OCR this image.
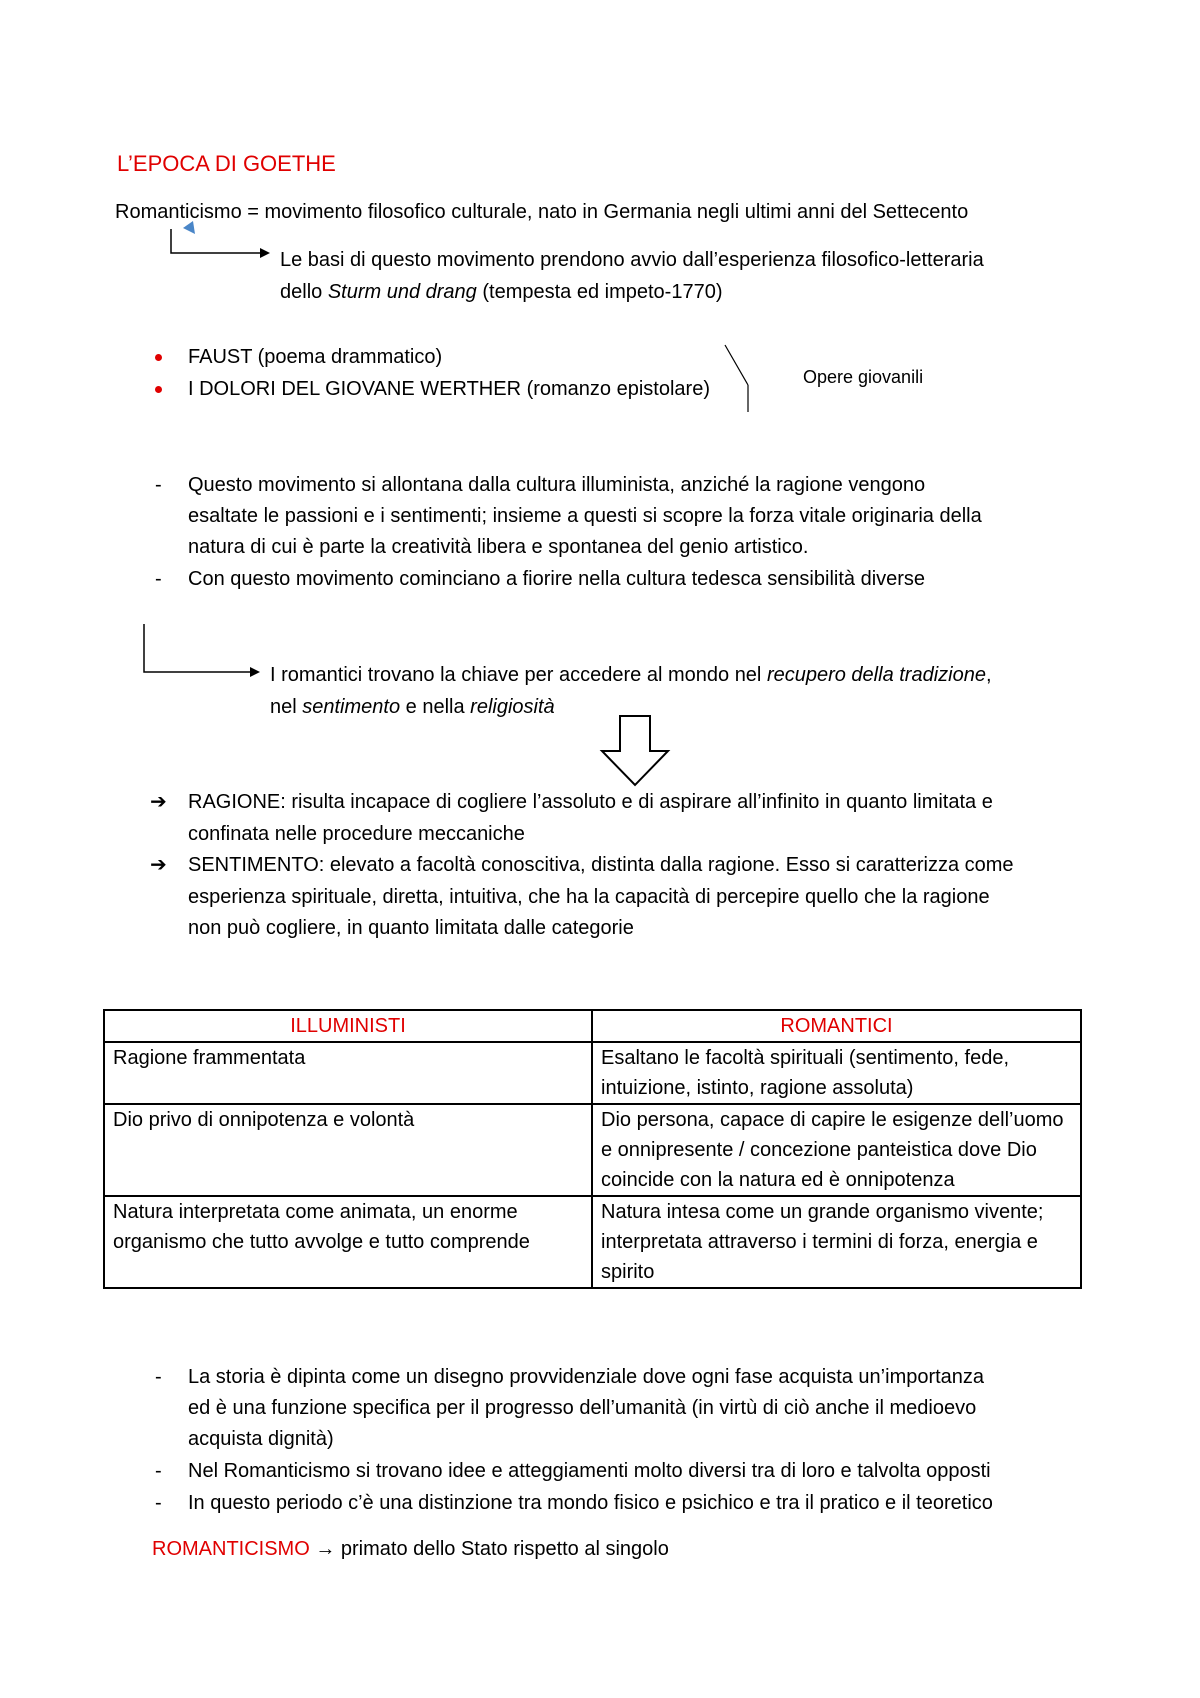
L’EPOCA DI GOETHE

Romanticismo = movimento filosofico culturale, nato in Germania negli ultimi anni del Settecento

Le basi di questo movimento prendono avvio dall’esperienza filosofico-letteraria

dello Sturm und drang (tempesta ed impeto-1770)

FAUST (poema drammatico)

I DOLORI DEL GIOVANE WERTHER (romanzo epistolare)

Opere giovanili

- Questo movimento si allontana dalla cultura illuminista, anziché la ragione vengono

esaltate le passioni e i sentimenti; insieme a questi si scopre la forza vitale originaria della

natura di cui è parte la creatività libera e spontanea del genio artistico.

- Con questo movimento cominciano a fiorire nella cultura tedesca sensibilità diverse

I romantici trovano la chiave per accedere al mondo nel recupero della tradizione,

nel sentimento e nella religiosità

➔ RAGIONE: risulta incapace di cogliere l’assoluto e di aspirare all’infinito in quanto limitata e

confinata nelle procedure meccaniche

➔ SENTIMENTO: elevato a facoltà conoscitiva, distinta dalla ragione. Esso si caratterizza come

esperienza spirituale, diretta, intuitiva, che ha la capacità di percepire quello che la ragione

non può cogliere, in quanto limitata dalle categorie

ILLUMINISTI	ROMANTICI
Ragione frammentata	Esaltano le facoltà spirituali (sentimento, fede, intuizione, istinto, ragione assoluta)
Dio privo di onnipotenza e volontà	Dio persona, capace di capire le esigenze dell’uomo e onnipresente / concezione panteistica dove Dio coincide con la natura ed è onnipotenza
Natura interpretata come animata, un enorme organismo che tutto avvolge e tutto comprende	Natura intesa come un grande organismo vivente; interpretata attraverso i termini di forza, energia e spirito
- La storia è dipinta come un disegno provvidenziale dove ogni fase acquista un’importanza

ed è una funzione specifica per il progresso dell’umanità (in virtù di ciò anche il medioevo

acquista dignità)

- Nel Romanticismo si trovano idee e atteggiamenti molto diversi tra di loro e talvolta opposti

- In questo periodo c’è una distinzione tra mondo fisico e psichico e tra il pratico e il teoretico

ROMANTICISMO → primato dello Stato rispetto al singolo
